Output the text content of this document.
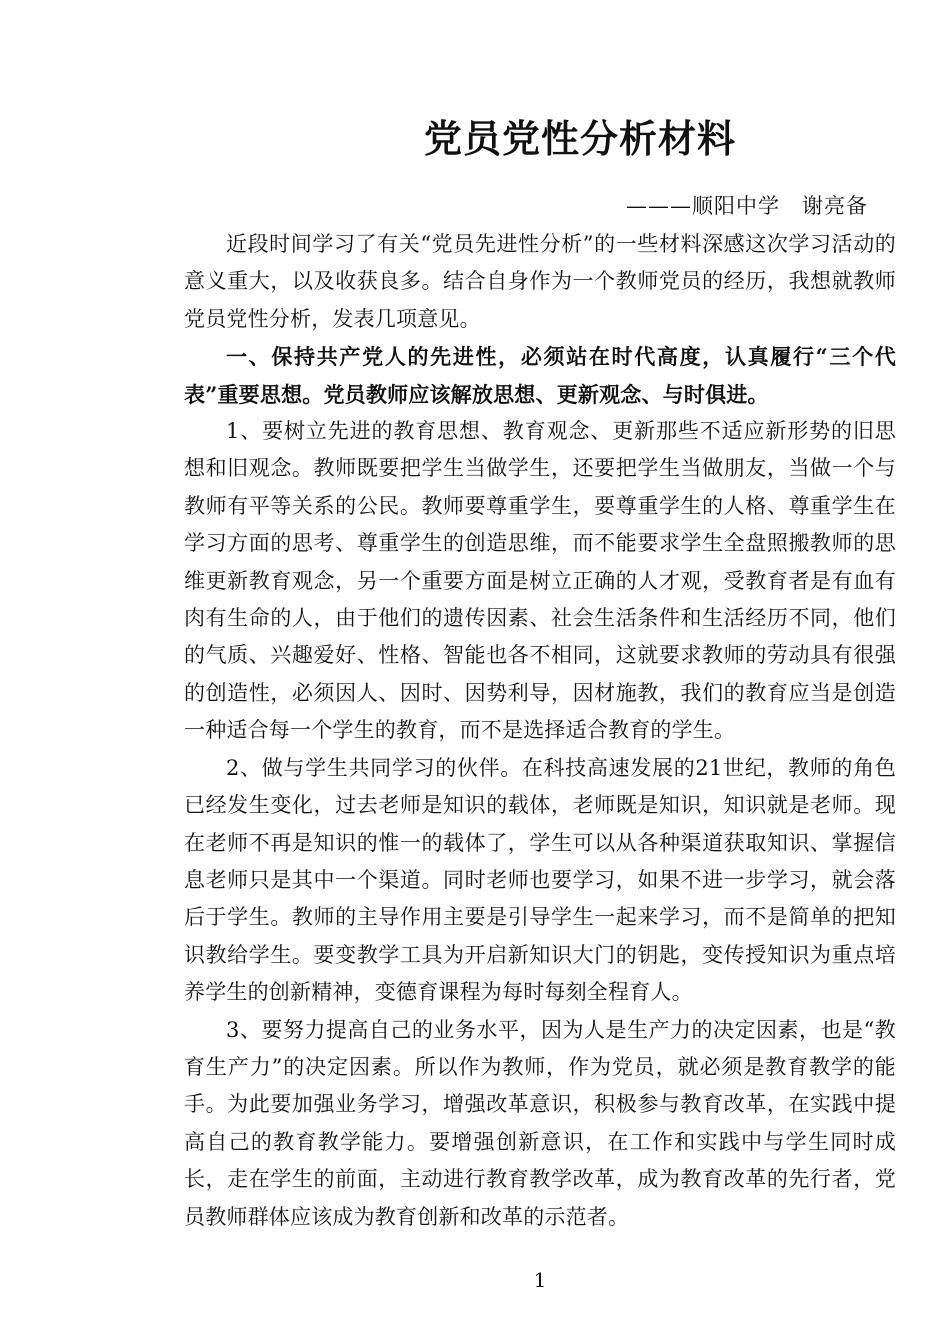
党员党性分析材料
———顺阳中学　谢亮备

近段时间学习了有关“党员先进性分析”的一些材料深感这次学习活动的意义重大，以及收获良多。结合自身作为一个教师党员的经历，我想就教师党员党性分析，发表几项意见。

一、保持共产党人的先进性，必须站在时代高度，认真履行“三个代表”重要思想。党员教师应该解放思想、更新观念、与时俱进。

1、要树立先进的教育思想、教育观念、更新那些不适应新形势的旧思想和旧观念。教师既要把学生当做学生，还要把学生当做朋友，当做一个与教师有平等关系的公民。教师要尊重学生，要尊重学生的人格、尊重学生在学习方面的思考、尊重学生的创造思维，而不能要求学生全盘照搬教师的思维更新教育观念，另一个重要方面是树立正确的人才观，受教育者是有血有肉有生命的人，由于他们的遗传因素、社会生活条件和生活经历不同，他们的气质、兴趣爱好、性格、智能也各不相同，这就要求教师的劳动具有很强的创造性，必须因人、因时、因势利导，因材施教，我们的教育应当是创造一种适合每一个学生的教育，而不是选择适合教育的学生。

2、做与学生共同学习的伙伴。在科技高速发展的21世纪，教师的角色已经发生变化，过去老师是知识的载体，老师既是知识，知识就是老师。现在老师不再是知识的惟一的载体了，学生可以从各种渠道获取知识、掌握信息老师只是其中一个渠道。同时老师也要学习，如果不进一步学习，就会落后于学生。教师的主导作用主要是引导学生一起来学习，而不是简单的把知识教给学生。要变教学工具为开启新知识大门的钥匙，变传授知识为重点培养学生的创新精神，变德育课程为每时每刻全程育人。

3、要努力提高自己的业务水平，因为人是生产力的决定因素，也是“教育生产力”的决定因素。所以作为教师，作为党员，就必须是教育教学的能手。为此要加强业务学习，增强改革意识，积极参与教育改革，在实践中提高自己的教育教学能力。要增强创新意识，在工作和实践中与学生同时成长，走在学生的前面，主动进行教育教学改革，成为教育改革的先行者，党员教师群体应该成为教育创新和改革的示范者。

1
